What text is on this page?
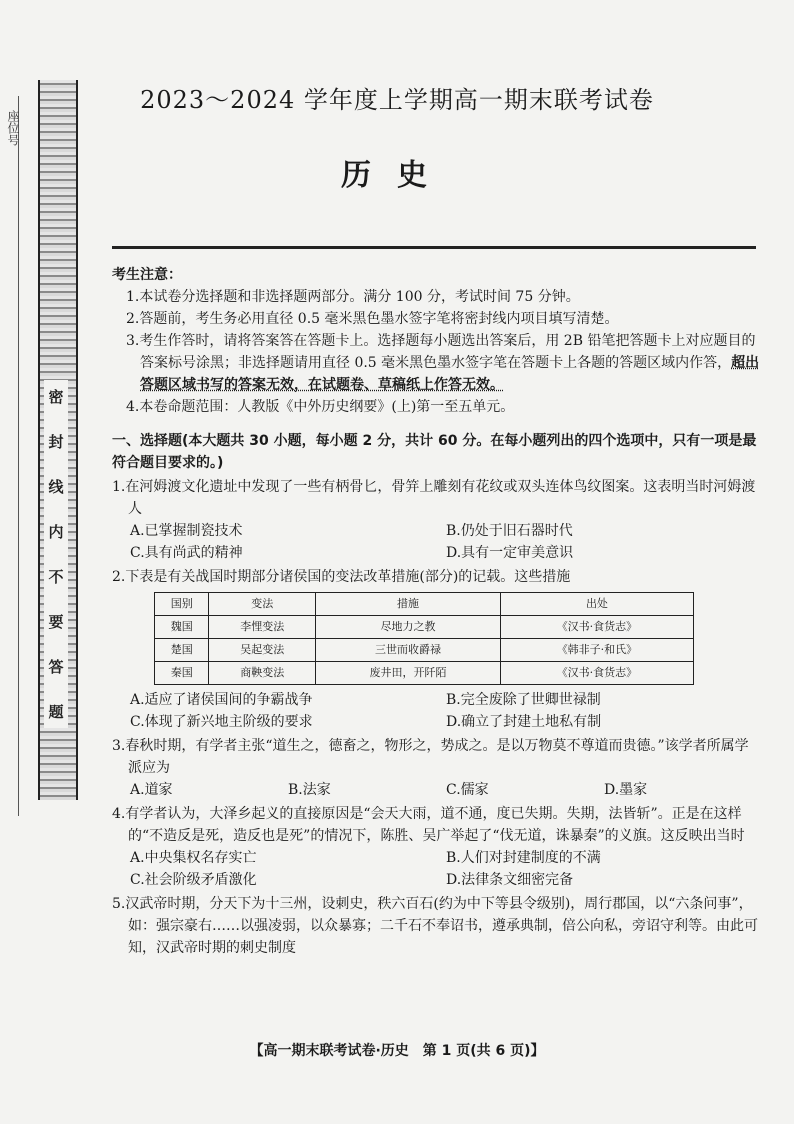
座位号
密
封
线
内
不
要
答
题
2023～2024 学年度上学期高一期末联考试卷
历史
考生注意：
1.本试卷分选择题和非选择题两部分。满分 100 分，考试时间 75 分钟。
2.答题前，考生务必用直径 0.5 毫米黑色墨水签字笔将密封线内项目填写清楚。
3.考生作答时，请将答案答在答题卡上。选择题每小题选出答案后，用 2B 铅笔把答题卡上对应题目的答案标号涂黑；非选择题请用直径 0.5 毫米黑色墨水签字笔在答题卡上各题的答题区域内作答，超出答题区域书写的答案无效，在试题卷、草稿纸上作答无效。
4.本卷命题范围：人教版《中外历史纲要》(上)第一至五单元。
一、选择题(本大题共 30 小题，每小题 2 分，共计 60 分。在每小题列出的四个选项中，只有一项是最符合题目要求的。)
1.在河姆渡文化遗址中发现了一些有柄骨匕，骨笄上雕刻有花纹或双头连体鸟纹图案。这表明当时河姆渡人
A.已掌握制瓷技术	B.仍处于旧石器时代
C.具有尚武的精神	D.具有一定审美意识
2.下表是有关战国时期部分诸侯国的变法改革措施(部分)的记载。这些措施
国别	变法	措施	出处
魏国	李悝变法	尽地力之教	《汉书·食货志》
楚国	吴起变法	三世而收爵禄	《韩非子·和氏》
秦国	商鞅变法	废井田，开阡陌	《汉书·食货志》
A.适应了诸侯国间的争霸战争	B.完全废除了世卿世禄制
C.体现了新兴地主阶级的要求	D.确立了封建土地私有制
3.春秋时期，有学者主张“道生之，德畜之，物形之，势成之。是以万物莫不尊道而贵德。”该学者所属学派应为
A.道家	B.法家	C.儒家	D.墨家
4.有学者认为，大泽乡起义的直接原因是“会天大雨，道不通，度已失期。失期，法皆斩”。正是在这样的“不造反是死，造反也是死”的情况下，陈胜、吴广举起了“伐无道，诛暴秦”的义旗。这反映出当时
A.中央集权名存实亡	B.人们对封建制度的不满
C.社会阶级矛盾激化	D.法律条文细密完备
5.汉武帝时期，分天下为十三州，设刺史，秩六百石(约为中下等县令级别)，周行郡国，以“六条问事”，如：强宗豪右……以强凌弱，以众暴寡；二千石不奉诏书，遵承典制，倍公向私，旁诏守利等。由此可知，汉武帝时期的刺史制度
【高一期末联考试卷·历史　第 1 页(共 6 页)】
